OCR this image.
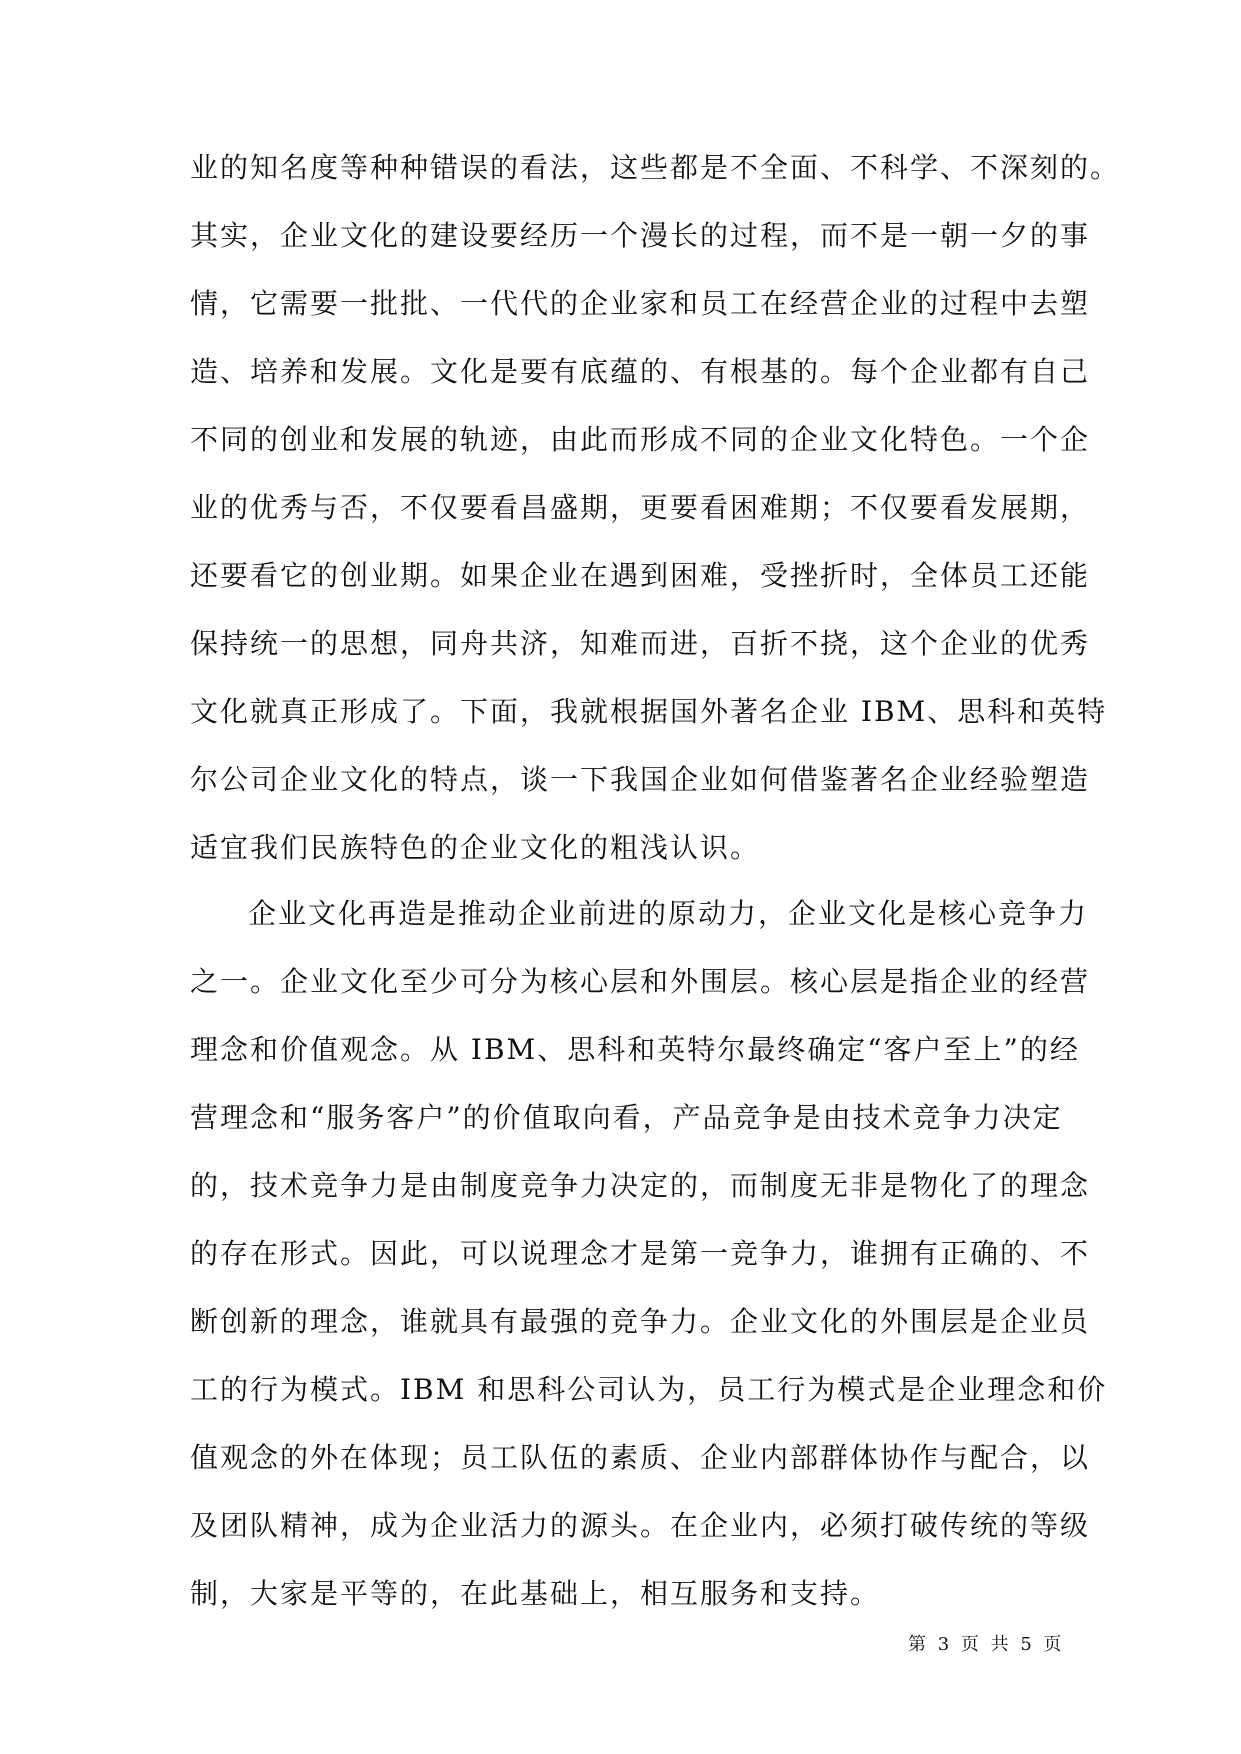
业的知名度等种种错误的看法，这些都是不全面、不科学、不深刻的。
其实，企业文化的建设要经历一个漫长的过程，而不是一朝一夕的事
情，它需要一批批、一代代的企业家和员工在经营企业的过程中去塑
造、培养和发展。文化是要有底蕴的、有根基的。每个企业都有自己
不同的创业和发展的轨迹，由此而形成不同的企业文化特色。一个企
业的优秀与否，不仅要看昌盛期，更要看困难期；不仅要看发展期，
还要看它的创业期。如果企业在遇到困难，受挫折时，全体员工还能
保持统一的思想，同舟共济，知难而进，百折不挠，这个企业的优秀
文化就真正形成了。下面，我就根据国外著名企业 IBM、思科和英特
尔公司企业文化的特点，谈一下我国企业如何借鉴著名企业经验塑造
适宜我们民族特色的企业文化的粗浅认识。
企业文化再造是推动企业前进的原动力，企业文化是核心竞争力
之一。企业文化至少可分为核心层和外围层。核心层是指企业的经营
理念和价值观念。从 IBM、思科和英特尔最终确定“客户至上”的经
营理念和“服务客户”的价值取向看，产品竞争是由技术竞争力决定
的，技术竞争力是由制度竞争力决定的，而制度无非是物化了的理念
的存在形式。因此，可以说理念才是第一竞争力，谁拥有正确的、不
断创新的理念，谁就具有最强的竞争力。企业文化的外围层是企业员
工的行为模式。IBM 和思科公司认为，员工行为模式是企业理念和价
值观念的外在体现；员工队伍的素质、企业内部群体协作与配合，以
及团队精神，成为企业活力的源头。在企业内，必须打破传统的等级
制，大家是平等的，在此基础上，相互服务和支持。
第 3 页 共 5 页
